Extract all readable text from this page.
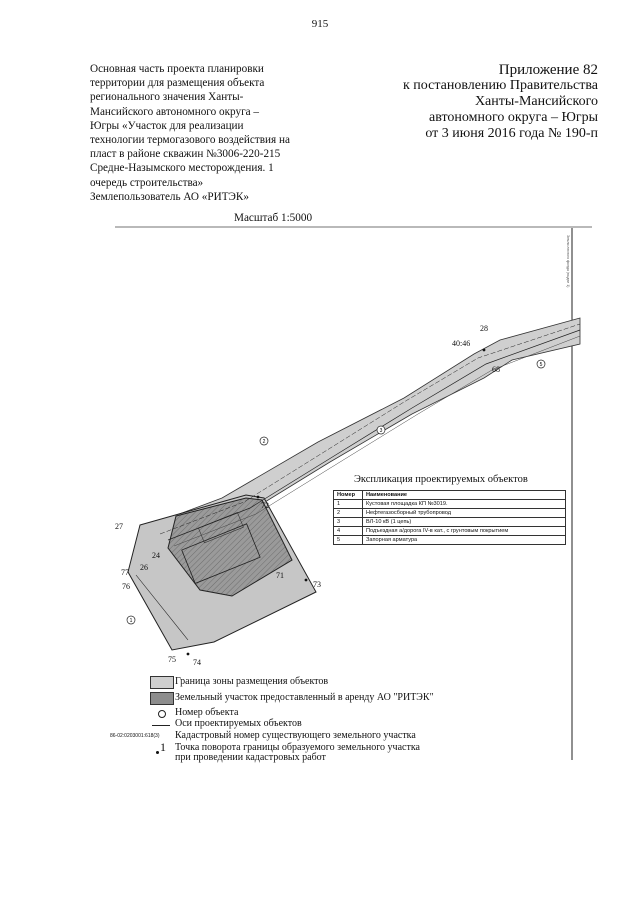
915
Основная часть проекта планировки
территории для размещения объекта
регионального значения Ханты-
Мансийского автономного округа –
Югры «Участок для реализации
технологии термогазового воздействия на
пласт в районе скважин №3006-220-215
Средне-Назымского месторождения. 1
очередь строительства»
Землепользователь АО «РИТЭК»
Масштаб 1:5000
Приложение 82
к постановлению Правительства
Ханты-Мансийского
автономного округа – Югры
от 3 июня 2016 года № 190-п
Земли лесного фонда (выдел 1)
2
3
5
1
28
40:46
68
27
72
77
76
26
24
71
73
75 74
Экспликация проектируемых объектов
Номер	Наименование
1	Кустовая площадка КП №3019.
2	Нефтегазосборный трубопровод
3	ВЛ-10 кВ (1 цепь)
4	Подъездная а/дорога IV-в кат., с грунтовым покрытием
5	Запорная арматура
Граница зоны размещения объектов
Земельный участок предоставленный в аренду АО "РИТЭК"
Номер объекта
Оси проектируемых объектов
86-02:0203001:618(3)	Кадастровый номер существующего земельного участка
1 Точка поворота границы образуемого земельного участка
при проведении кадастровых работ
